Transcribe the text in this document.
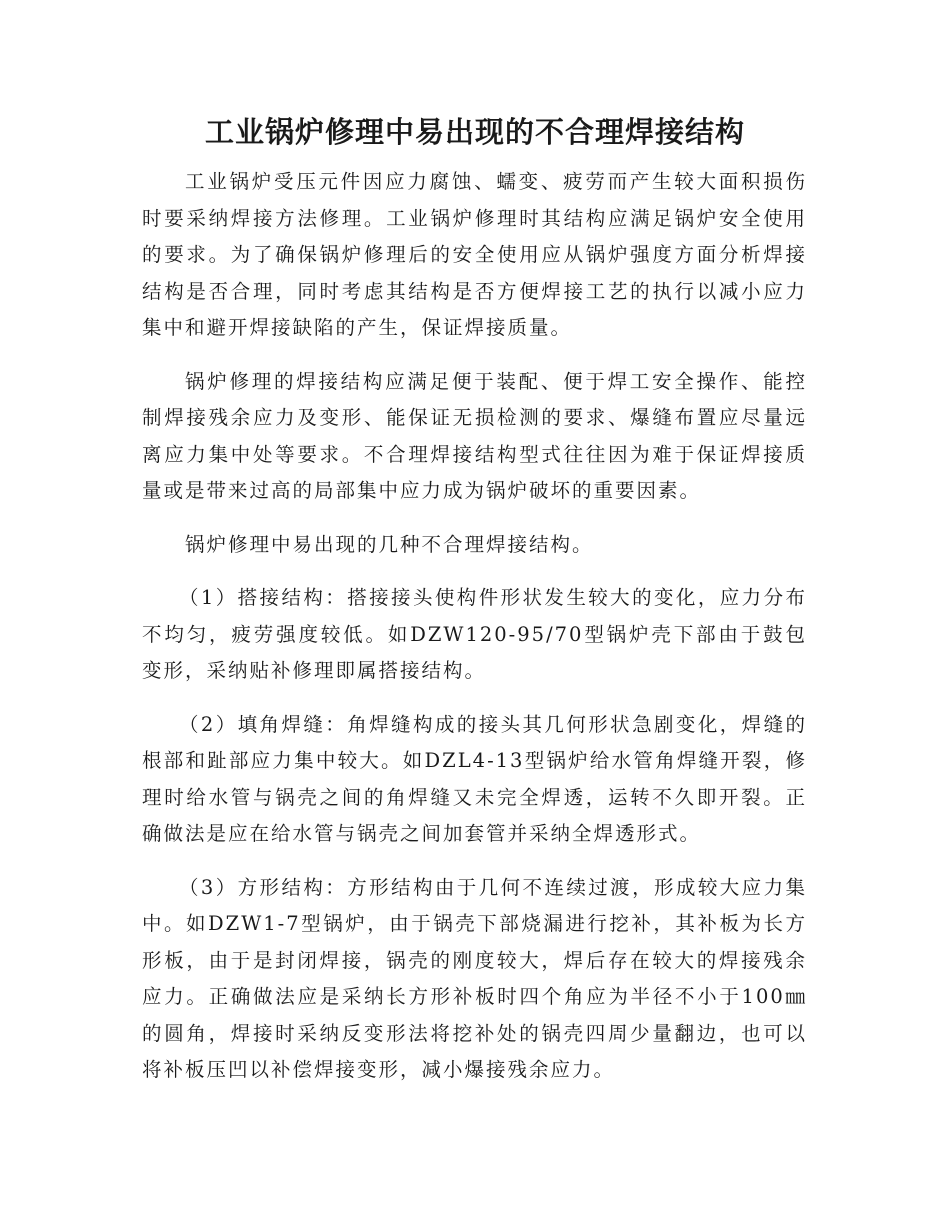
工业锅炉修理中易出现的不合理焊接结构

工业锅炉受压元件因应力腐蚀、蠕变、疲劳而产生较大面积损伤时要采纳焊接方法修理。工业锅炉修理时其结构应满足锅炉安全使用的要求。为了确保锅炉修理后的安全使用应从锅炉强度方面分析焊接结构是否合理，同时考虑其结构是否方便焊接工艺的执行以减小应力集中和避开焊接缺陷的产生，保证焊接质量。

锅炉修理的焊接结构应满足便于装配、便于焊工安全操作、能控制焊接残余应力及变形、能保证无损检测的要求、爆缝布置应尽量远离应力集中处等要求。不合理焊接结构型式往往因为难于保证焊接质量或是带来过高的局部集中应力成为锅炉破坏的重要因素。

锅炉修理中易出现的几种不合理焊接结构。

（1）搭接结构：搭接接头使构件形状发生较大的变化，应力分布不均匀，疲劳强度较低。如DZW120-95/70型锅炉壳下部由于鼓包变形，采纳贴补修理即属搭接结构。

（2）填角焊缝：角焊缝构成的接头其几何形状急剧变化，焊缝的根部和趾部应力集中较大。如DZL4-13型锅炉给水管角焊缝开裂，修理时给水管与锅壳之间的角焊缝又未完全焊透，运转不久即开裂。正确做法是应在给水管与锅壳之间加套管并采纳全焊透形式。

（3）方形结构：方形结构由于几何不连续过渡，形成较大应力集中。如DZW1-7型锅炉，由于锅壳下部烧漏进行挖补，其补板为长方形板，由于是封闭焊接，锅壳的刚度较大，焊后存在较大的焊接残余应力。正确做法应是采纳长方形补板时四个角应为半径不小于100㎜的圆角，焊接时采纳反变形法将挖补处的锅壳四周少量翻边，也可以将补板压凹以补偿焊接变形，减小爆接残余应力。
